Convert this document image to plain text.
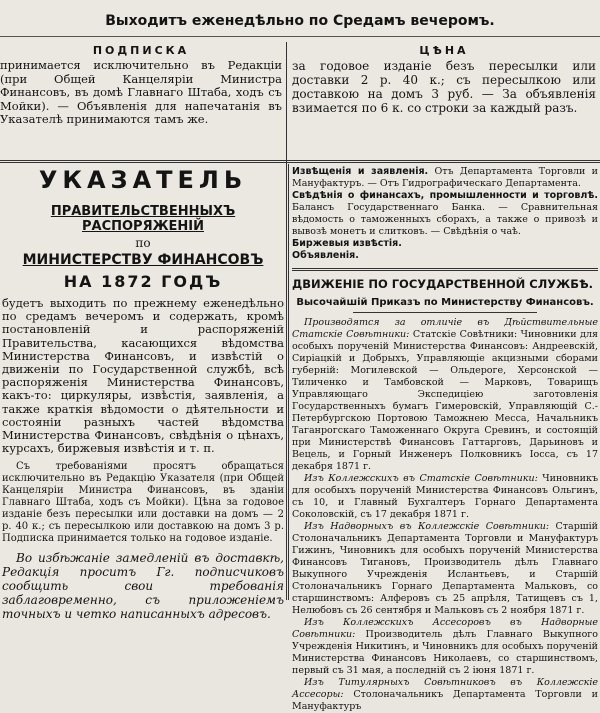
Выходитъ еженедѣльно по Средамъ вечеромъ.
ПОДПИСКА

принимается исключительно въ Редакціи (при Общей Канцеляріи Министра Финансовъ, въ домѣ Главнаго Штаба, ходъ съ Мойки). — Объявленія для напечатанія въ Указателѣ принимаются тамъ же.

ЦѢНА

за годовое изданіе безъ пересылки или доставки 2 р. 40 к.; съ пересылкою или доставкою на домъ 3 руб. — За объявленія взимается по 6 к. со строки за каждый разъ.

УКАЗАТЕЛЬ
ПРАВИТЕЛЬСТВЕННЫХЪ РАСПОРЯЖЕНІЙ
по
МИНИСТЕРСТВУ ФИНАНСОВЪ
НА 1872 ГОДЪ

будетъ выходить по прежнему еженедѣльно по средамъ вечеромъ и содержать, кромѣ постановленій и распоряженій Правительства, касающихся вѣдомства Министерства Финансовъ, и извѣстій о движеніи по Государственной службѣ, всѣ распоряженія Министерства Финансовъ, какъ-то: циркуляры, извѣстія, заявленія, а также краткія вѣдомости о дѣятельности и состояніи разныхъ частей вѣдомства Министерства Финансовъ, свѣдѣнія о цѣнахъ, курсахъ, биржевыя извѣстія и т. п.

Съ требованіями просятъ обращаться исключительно въ Редакцію Указателя (при Общей Канцеляріи Министра Финансовъ, въ зданіи Главнаго Штаба, ходъ съ Мойки). Цѣна за годовое изданіе безъ пересылки или доставки на домъ — 2 р. 40 к.; съ пересылкою или доставкою на домъ 3 р. Подписка принимается только на годовое изданіе.

Во избѣжаніе замедленій въ доставкѣ, Редакція проситъ Гг. подписчиковъ сообщить свои требованія заблаговременно, съ приложеніемъ точныхъ и четко написанныхъ адресовъ.

Извѣщенія и заявленія. Отъ Департамента Торговли и Мануфактуръ. — Отъ Гидрографическаго Департамента.

Свѣдѣнія о финансахъ, промышленности и торговлѣ. Балансъ Государственнаго Банка. — Сравнительная вѣдомость о таможенныхъ сборахъ, а также о привозѣ и вывозѣ монетъ и слитковъ. — Свѣдѣнія о чаѣ.

Биржевыя извѣстія.

Объявленія.

ДВИЖЕНІЕ ПО ГОСУДАРСТВЕННОЙ СЛУЖБѢ.
Высочайшій Приказъ по Министерству Финансовъ.

Производятся за отличіе въ Дѣйствительные Статскіе Совѣтники: Статскіе Совѣтники: Чиновники для особыхъ порученій Министерства Финансовъ: Андреевскій, Сиріацкій и Добрыхъ, Управляющіе акцизными сборами губерній: Могилевской — Ольдероге, Херсонской — Тиличенко и Тамбовской — Марковъ, Товарищъ Управляющаго Экспедиціею заготовленія Государственныхъ бумагъ Гимеровскій, Управляющій С.-Петербургскою Портовою Таможнею Месса, Начальникъ Таганрогскаго Таможеннаго Округа Сревинъ, и состоящій при Министерствѣ Финансовъ Гаттарговъ, Дарьиновъ и Вецель, и Горный Инженеръ Полковникъ Іосса, съ 17 декабря 1871 г.

Изъ Коллежскихъ въ Статскіе Совѣтники: Чиновникъ для особыхъ порученій Министерства Финансовъ Ольгинъ, съ 10, и Главный Бухгалтеръ Горнаго Департамента Соколовскій, съ 17 декабря 1871 г.

Изъ Надворныхъ въ Коллежскіе Совѣтники: Старшій Столоначальникъ Департамента Торговли и Мануфактуръ Гижинъ, Чиновникъ для особыхъ порученій Министерства Финансовъ Тигановъ, Производитель дѣлъ Главнаго Выкупного Учрежденія Ислантьевъ, и Старшій Столоначальникъ Горнаго Департамента Мальковъ, со старшинствомъ: Алферовъ съ 25 апрѣля, Татищевъ съ 1, Нелюбовъ съ 26 сентября и Мальковъ съ 2 ноября 1871 г.

Изъ Коллежскихъ Ассесоровъ въ Надворные Совѣтники: Производитель дѣлъ Главнаго Выкупного Учрежденія Никитинъ, и Чиновникъ для особыхъ порученій Министерства Финансовъ Николаевъ, со старшинствомъ, первый съ 31 мая, а последній съ 2 іюня 1871 г.

Изъ Титулярныхъ Совѣтниковъ въ Коллежскіе Ассесоры: Столоначальникъ Департамента Торговли и Мануфактуръ
